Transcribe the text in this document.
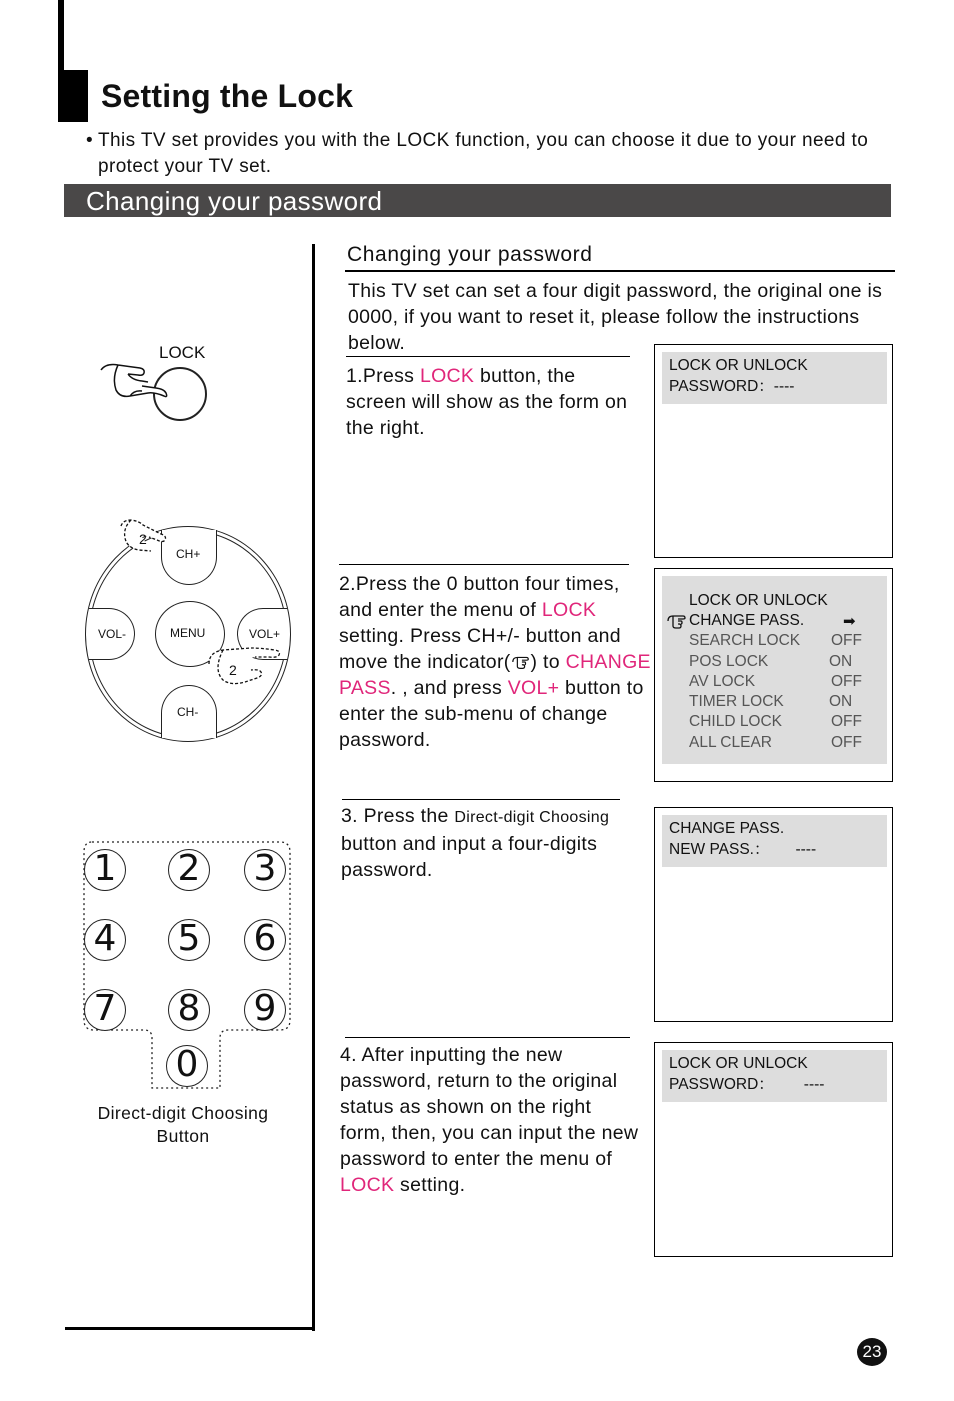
Setting the Lock
• This TV set provides you with the LOCK function, you can choose it due to your need to protect your TV set.
Changing your password
Changing your password
This TV set can set a four digit password, the original one is 0000, if you want to reset it, please follow the instructions below.
1.Press LOCK button, the screen will show as the form on the right.
LOCK OR UNLOCK
PASSWORD：----
2.Press the 0 button four times, and enter the menu of LOCK setting. Press CH+/- button and move the indicator( ) to CHANGE PASS. , and press VOL+ button to enter the sub-menu of change password.
LOCK OR UNLOCK
CHANGE PASS.
SEARCH LOCK OFF
POS LOCK	ON
AV LOCK	OFF
TIMER LOCK	ON
CHILD LOCK	OFF
ALL CLEAR	OFF
➡
3. Press the Direct-digit Choosing button and input a four-digits password.
CHANGE PASS.
NEW PASS.： ----
4. After inputting the new password, return to the original status as shown on the right form, then, you can input the new password to enter the menu of LOCK setting.
LOCK OR UNLOCK
PASSWORD： ----
LOCK
CH+
CH-
VOL-	VOL+
MENU
2
2
1 2 3
4 5 6
7 8 9
0
Direct-digit Choosing
Button
23
